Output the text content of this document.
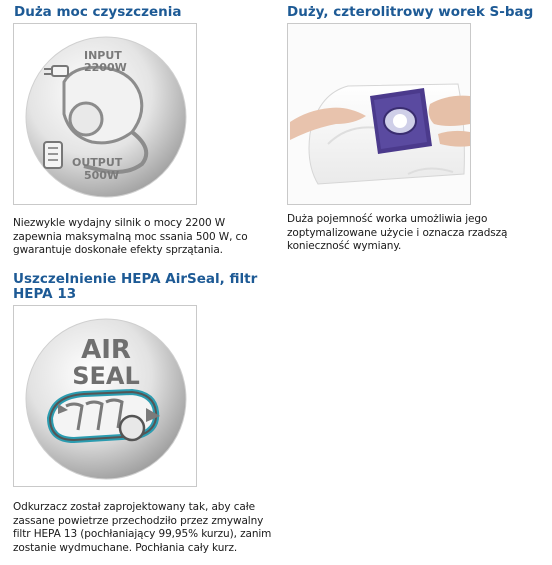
Duża moc czyszczenia

INPUT
2200W
OUTPUT
500W

Niezwykle wydajny silnik o mocy 2200 W zapewnia maksymalną moc ssania 500 W, co gwarantuje doskonałe efekty sprzątania.

Duży, czterolitrowy worek S-bag

Duża pojemność worka umożliwia jego zoptymalizowane użycie i oznacza rzadszą konieczność wymiany.

Uszczelnienie HEPA AirSeal, filtr HEPA 13

AIR
SEAL

Odkurzacz został zaprojektowany tak, aby całe zassane powietrze przechodziło przez zmywalny filtr HEPA 13 (pochłaniający 99,95% kurzu), zanim zostanie wydmuchane. Pochłania cały kurz.
